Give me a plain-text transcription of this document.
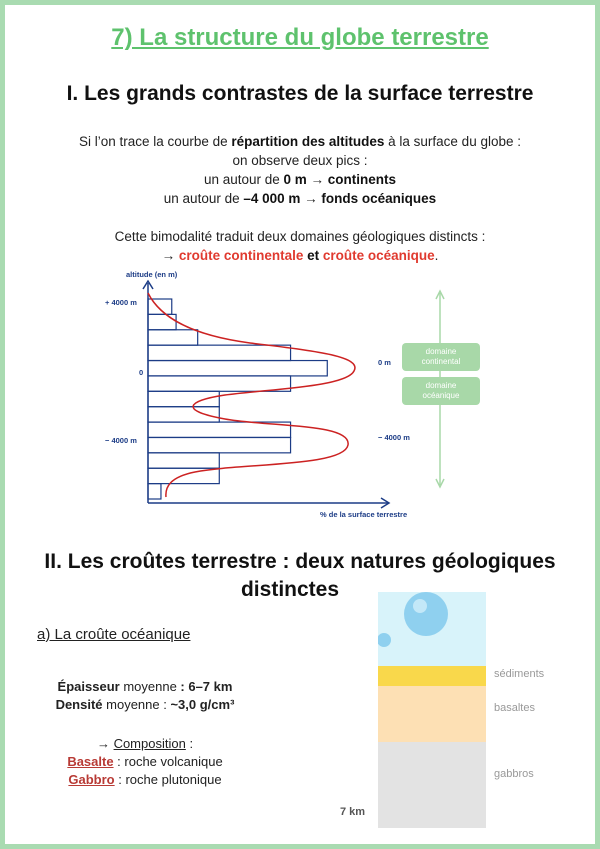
7) La structure du globe terrestre
I. Les grands contrastes de la surface terrestre
Si l’on trace la courbe de répartition des altitudes à la surface du globe :
on observe deux pics :
un autour de 0 m → continents
un autour de –4 000 m → fonds océaniques
Cette bimodalité traduit deux domaines géologiques distincts :
→ croûte continentale et croûte océanique.
altitude (en m)
% de la surface terrestre
+ 4000 m
0
− 4000 m
0 m
− 4000 m
domaine
continental
domaine
océanique
II. Les croûtes terrestre : deux natures géologiques
distinctes
a) La croûte océanique
Épaisseur moyenne : 6–7 km
Densité moyenne : ~3,0 g/cm³
→ Composition :
Basalte : roche volcanique
Gabbro : roche plutonique
sédiments
basaltes
gabbros
7 km
